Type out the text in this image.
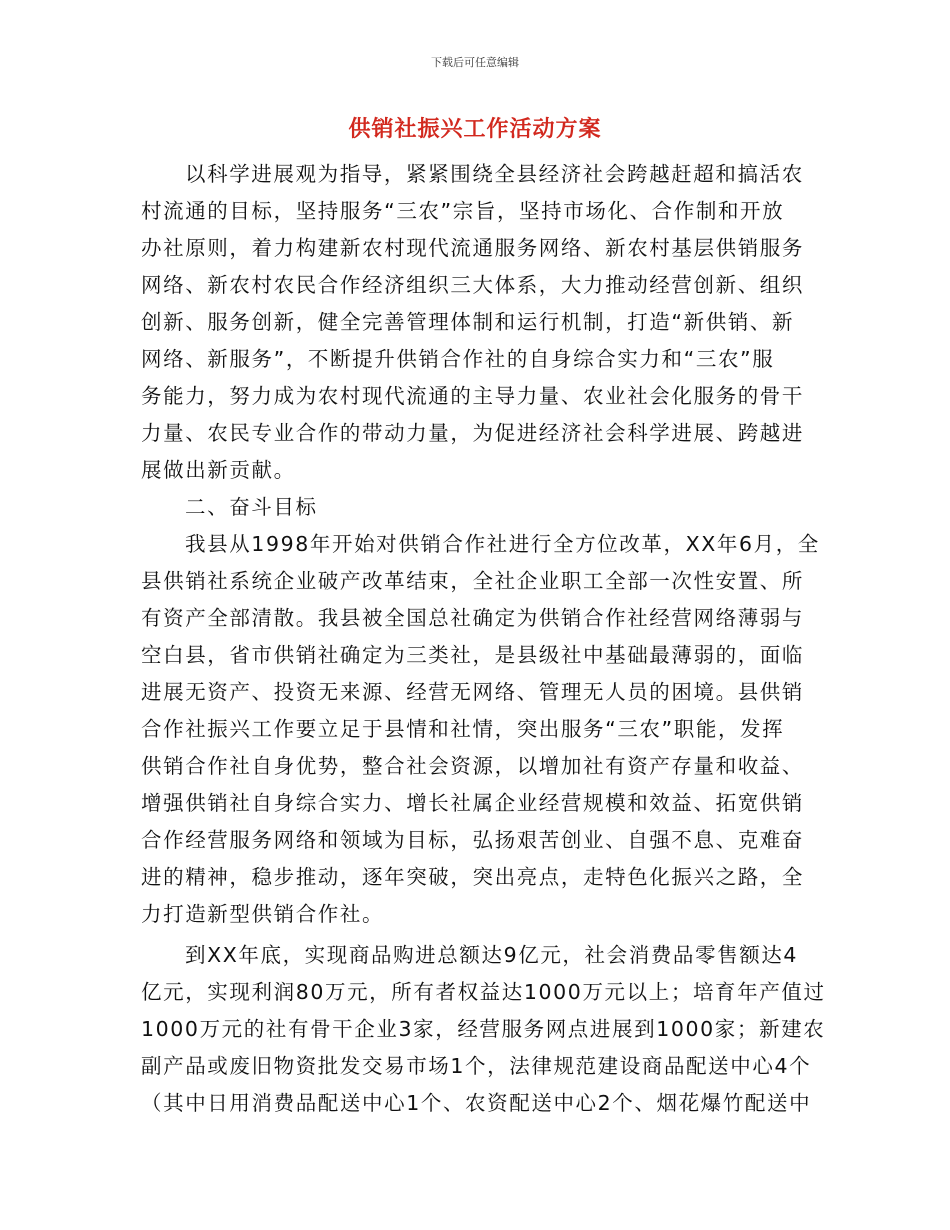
下载后可任意编辑
供销社振兴工作活动方案
以科学进展观为指导，紧紧围绕全县经济社会跨越赶超和搞活农
村流通的目标，坚持服务“三农”宗旨，坚持市场化、合作制和开放
办社原则，着力构建新农村现代流通服务网络、新农村基层供销服务
网络、新农村农民合作经济组织三大体系，大力推动经营创新、组织
创新、服务创新，健全完善管理体制和运行机制，打造“新供销、新
网络、新服务”，不断提升供销合作社的自身综合实力和“三农”服
务能力，努力成为农村现代流通的主导力量、农业社会化服务的骨干
力量、农民专业合作的带动力量，为促进经济社会科学进展、跨越进
展做出新贡献。
二、奋斗目标
我县从1998年开始对供销合作社进行全方位改革，XX年6月，全
县供销社系统企业破产改革结束，全社企业职工全部一次性安置、所
有资产全部清散。我县被全国总社确定为供销合作社经营网络薄弱与
空白县，省市供销社确定为三类社，是县级社中基础最薄弱的，面临
进展无资产、投资无来源、经营无网络、管理无人员的困境。县供销
合作社振兴工作要立足于县情和社情，突出服务“三农”职能，发挥
供销合作社自身优势，整合社会资源，以增加社有资产存量和收益、
增强供销社自身综合实力、增长社属企业经营规模和效益、拓宽供销
合作经营服务网络和领域为目标，弘扬艰苦创业、自强不息、克难奋
进的精神，稳步推动，逐年突破，突出亮点，走特色化振兴之路，全
力打造新型供销合作社。
到XX年底，实现商品购进总额达9亿元，社会消费品零售额达4
亿元，实现利润80万元，所有者权益达1000万元以上；培育年产值过
1000万元的社有骨干企业3家，经营服务网点进展到1000家；新建农
副产品或废旧物资批发交易市场1个，法律规范建设商品配送中心4个
（其中日用消费品配送中心1个、农资配送中心2个、烟花爆竹配送中
